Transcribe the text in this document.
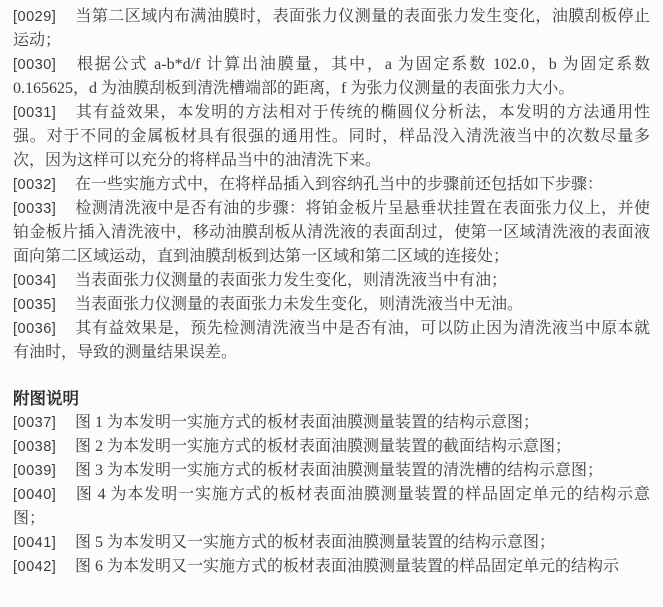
[0029] 当第二区域内布满油膜时，表面张力仪测量的表面张力发生变化，油膜刮板停止运动；

[0030] 根据公式 a-b*d/f 计算出油膜量，其中，a 为固定系数 102.0，b 为固定系数 0.165625，d 为油膜刮板到清洗槽端部的距离，f 为张力仪测量的表面张力大小。

[0031] 其有益效果，本发明的方法相对于传统的椭圆仪分析法，本发明的方法通用性强。对于不同的金属板材具有很强的通用性。同时，样品没入清洗液当中的次数尽量多次，因为这样可以充分的将样品当中的油清洗下来。

[0032] 在一些实施方式中，在将样品插入到容纳孔当中的步骤前还包括如下步骤：

[0033] 检测清洗液中是否有油的步骤：将铂金板片呈悬垂状挂置在表面张力仪上，并使铂金板片插入清洗液中，移动油膜刮板从清洗液的表面刮过，使第一区域清洗液的表面液面向第二区域运动，直到油膜刮板到达第一区域和第二区域的连接处；

[0034] 当表面张力仪测量的表面张力发生变化，则清洗液当中有油；

[0035] 当表面张力仪测量的表面张力未发生变化，则清洗液当中无油。

[0036] 其有益效果是，预先检测清洗液当中是否有油，可以防止因为清洗液当中原本就有油时，导致的测量结果误差。

附图说明

[0037] 图 1 为本发明一实施方式的板材表面油膜测量装置的结构示意图；

[0038] 图 2 为本发明一实施方式的板材表面油膜测量装置的截面结构示意图；

[0039] 图 3 为本发明一实施方式的板材表面油膜测量装置的清洗槽的结构示意图；

[0040] 图 4 为本发明一实施方式的板材表面油膜测量装置的样品固定单元的结构示意图；

[0041] 图 5 为本发明又一实施方式的板材表面油膜测量装置的结构示意图；

[0042] 图 6 为本发明又一实施方式的板材表面油膜测量装置的样品固定单元的结构示
